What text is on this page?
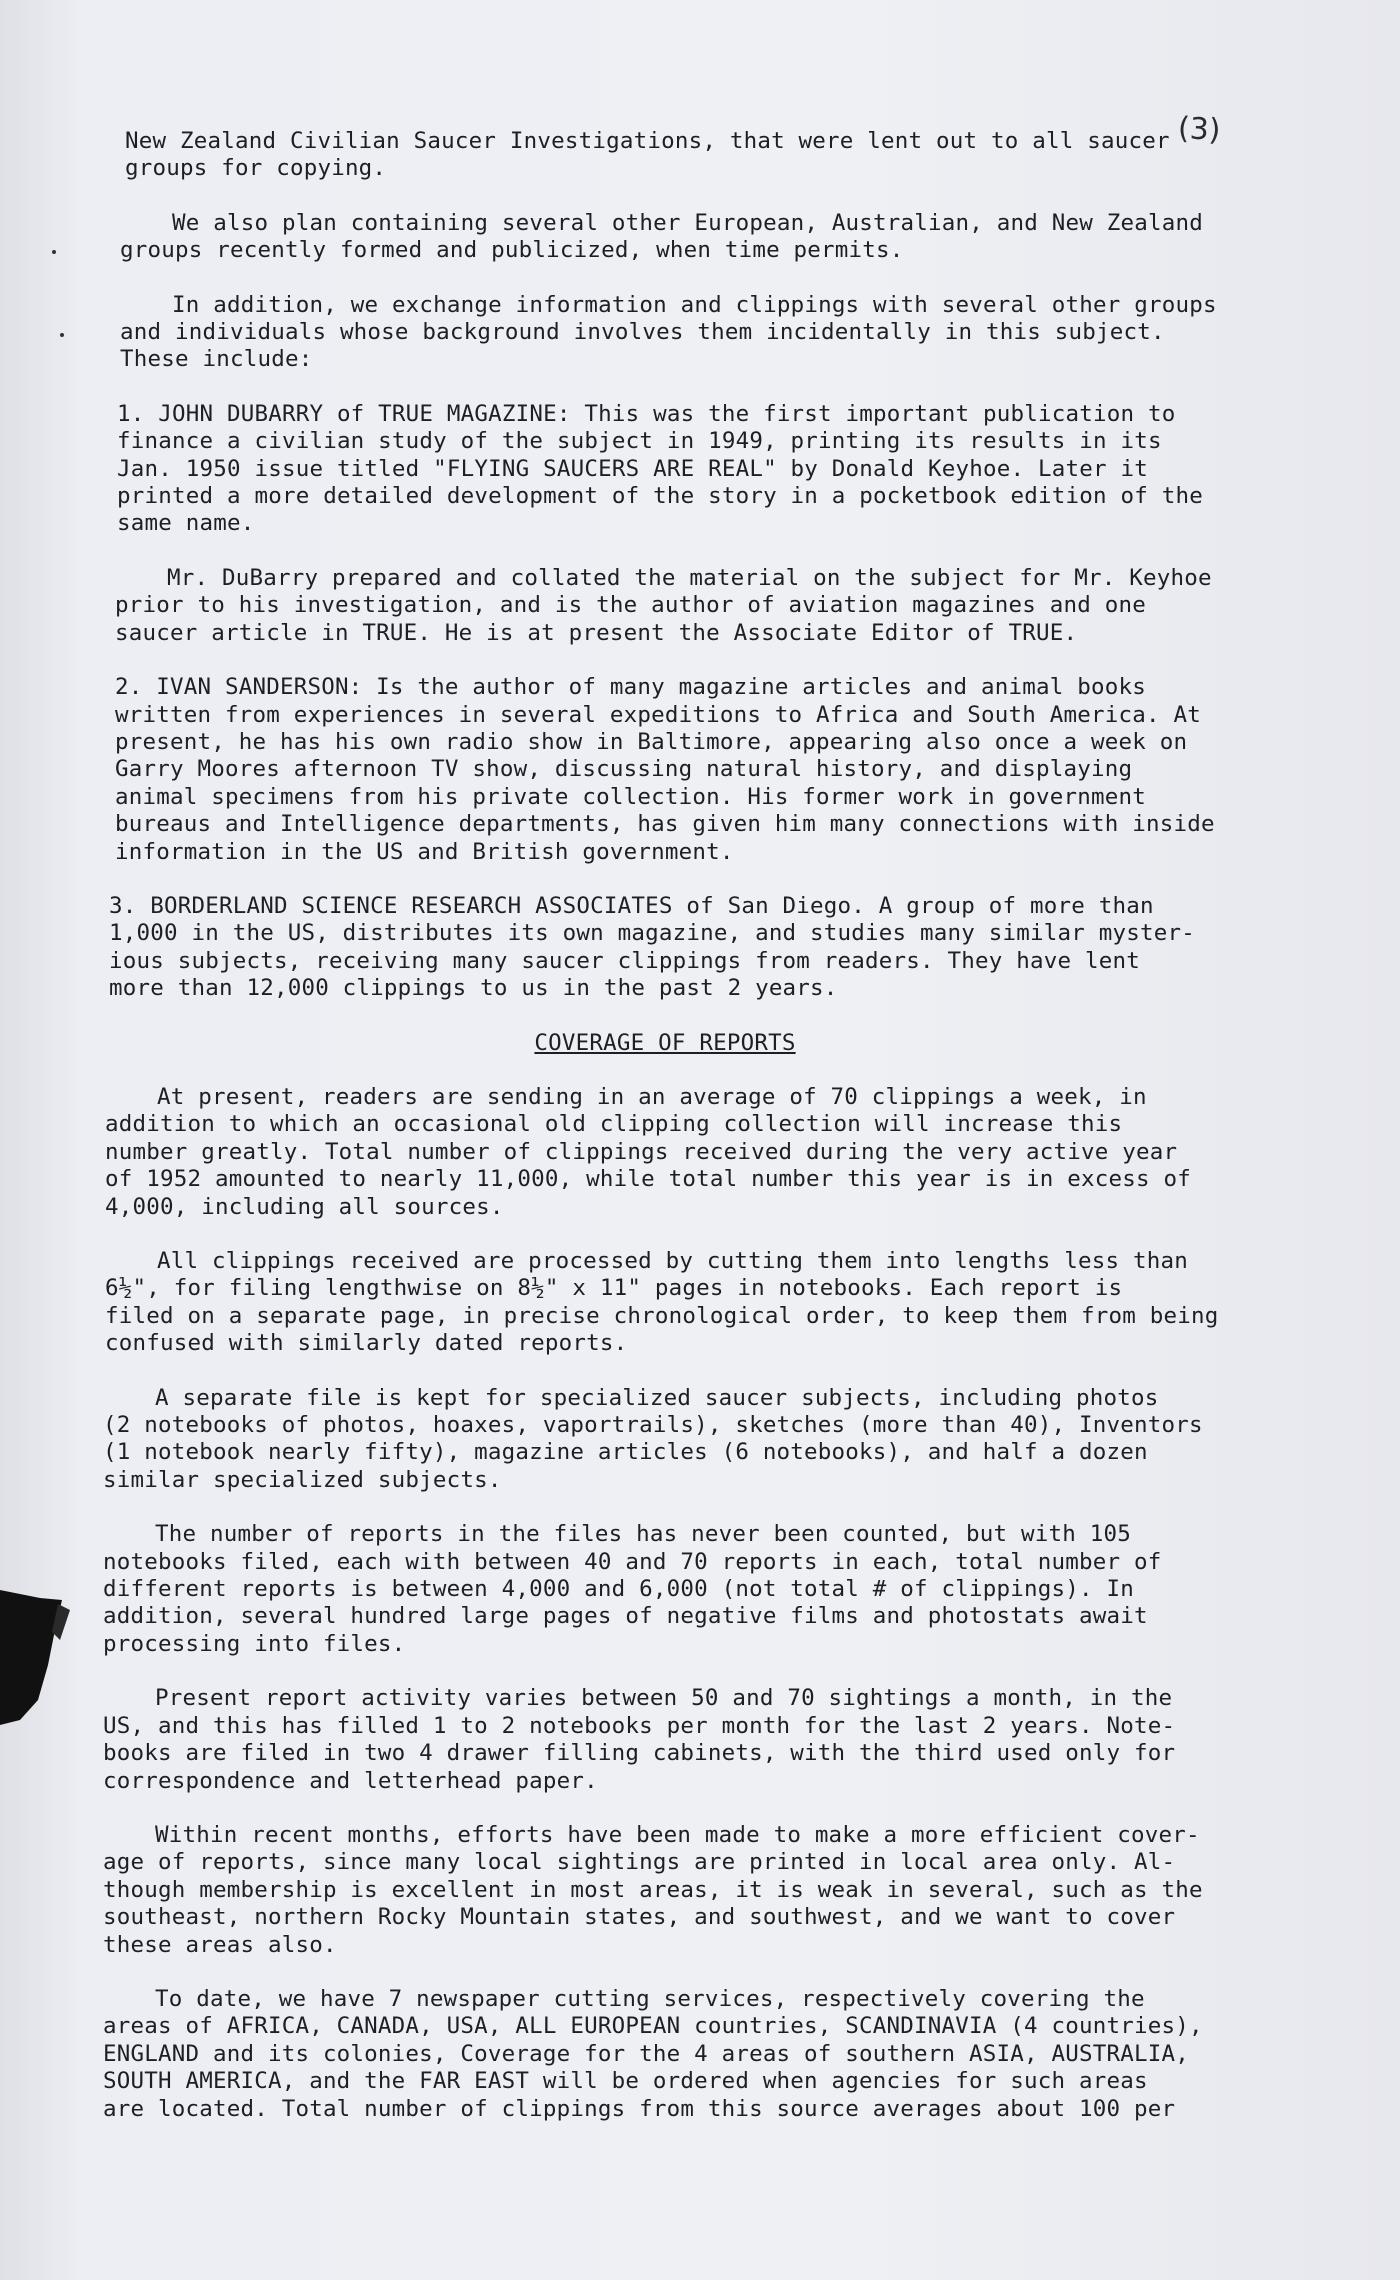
(3)

New Zealand Civilian Saucer Investigations, that were lent out to all saucer
groups for copying.

We also plan containing several other European, Australian, and New Zealand
groups recently formed and publicized, when time permits.

In addition, we exchange information and clippings with several other groups
and individuals whose background involves them incidentally in this subject.
These include:

1. JOHN DUBARRY of TRUE MAGAZINE: This was the first important publication to
finance a civilian study of the subject in 1949, printing its results in its
Jan. 1950 issue titled "FLYING SAUCERS ARE REAL" by Donald Keyhoe. Later it
printed a more detailed development of the story in a pocketbook edition of the
same name.

Mr. DuBarry prepared and collated the material on the subject for Mr. Keyhoe
prior to his investigation, and is the author of aviation magazines and one
saucer article in TRUE. He is at present the Associate Editor of TRUE.

2. IVAN SANDERSON: Is the author of many magazine articles and animal books
written from experiences in several expeditions to Africa and South America. At
present, he has his own radio show in Baltimore, appearing also once a week on
Garry Moores afternoon TV show, discussing natural history, and displaying
animal specimens from his private collection. His former work in government
bureaus and Intelligence departments, has given him many connections with inside
information in the US and British government.

3. BORDERLAND SCIENCE RESEARCH ASSOCIATES of San Diego. A group of more than
1,000 in the US, distributes its own magazine, and studies many similar myster-
ious subjects, receiving many saucer clippings from readers. They have lent
more than 12,000 clippings to us in the past 2 years.

COVERAGE OF REPORTS

At present, readers are sending in an average of 70 clippings a week, in
addition to which an occasional old clipping collection will increase this
number greatly. Total number of clippings received during the very active year
of 1952 amounted to nearly 11,000, while total number this year is in excess of
4,000, including all sources.

All clippings received are processed by cutting them into lengths less than
6½", for filing lengthwise on 8½" x 11" pages in notebooks. Each report is
filed on a separate page, in precise chronological order, to keep them from being
confused with similarly dated reports.

A separate file is kept for specialized saucer subjects, including photos
(2 notebooks of photos, hoaxes, vaportrails), sketches (more than 40), Inventors
(1 notebook nearly fifty), magazine articles (6 notebooks), and half a dozen
similar specialized subjects.

The number of reports in the files has never been counted, but with 105
notebooks filed, each with between 40 and 70 reports in each, total number of
different reports is between 4,000 and 6,000 (not total # of clippings). In
addition, several hundred large pages of negative films and photostats await
processing into files.

Present report activity varies between 50 and 70 sightings a month, in the
US, and this has filled 1 to 2 notebooks per month for the last 2 years. Note-
books are filed in two 4 drawer filling cabinets, with the third used only for
correspondence and letterhead paper.

Within recent months, efforts have been made to make a more efficient cover-
age of reports, since many local sightings are printed in local area only. Al-
though membership is excellent in most areas, it is weak in several, such as the
southeast, northern Rocky Mountain states, and southwest, and we want to cover
these areas also.

To date, we have 7 newspaper cutting services, respectively covering the
areas of AFRICA, CANADA, USA, ALL EUROPEAN countries, SCANDINAVIA (4 countries),
ENGLAND and its colonies, Coverage for the 4 areas of southern ASIA, AUSTRALIA,
SOUTH AMERICA, and the FAR EAST will be ordered when agencies for such areas
are located. Total number of clippings from this source averages about 100 per
